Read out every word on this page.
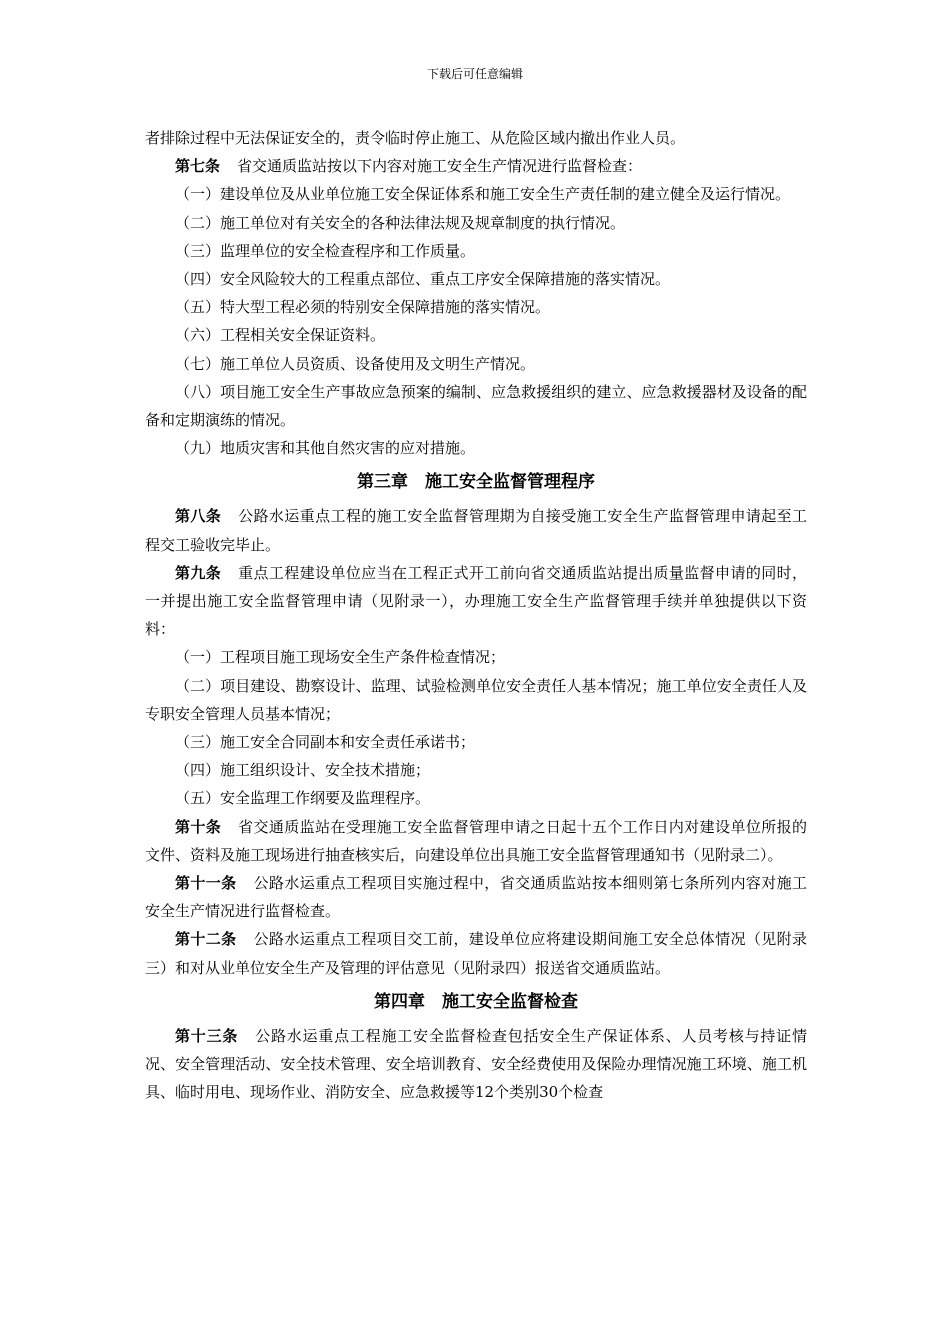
下载后可任意编辑

者排除过程中无法保证安全的，责令临时停止施工、从危险区域内撤出作业人员。

第七条 省交通质监站按以下内容对施工安全生产情况进行监督检查：

（一）建设单位及从业单位施工安全保证体系和施工安全生产责任制的建立健全及运行情况。

（二）施工单位对有关安全的各种法律法规及规章制度的执行情况。

（三）监理单位的安全检查程序和工作质量。

（四）安全风险较大的工程重点部位、重点工序安全保障措施的落实情况。

（五）特大型工程必须的特别安全保障措施的落实情况。

（六）工程相关安全保证资料。

（七）施工单位人员资质、设备使用及文明生产情况。

（八）项目施工安全生产事故应急预案的编制、应急救援组织的建立、应急救援器材及设备的配备和定期演练的情况。

（九）地质灾害和其他自然灾害的应对措施。

第三章　施工安全监督管理程序

第八条 公路水运重点工程的施工安全监督管理期为自接受施工安全生产监督管理申请起至工程交工验收完毕止。

第九条 重点工程建设单位应当在工程正式开工前向省交通质监站提出质量监督申请的同时，一并提出施工安全监督管理申请（见附录一），办理施工安全生产监督管理手续并单独提供以下资料：

（一）工程项目施工现场安全生产条件检查情况；

（二）项目建设、勘察设计、监理、试验检测单位安全责任人基本情况；施工单位安全责任人及专职安全管理人员基本情况；

（三）施工安全合同副本和安全责任承诺书；

（四）施工组织设计、安全技术措施；

（五）安全监理工作纲要及监理程序。

第十条 省交通质监站在受理施工安全监督管理申请之日起十五个工作日内对建设单位所报的文件、资料及施工现场进行抽查核实后，向建设单位出具施工安全监督管理通知书（见附录二）。

第十一条 公路水运重点工程项目实施过程中，省交通质监站按本细则第七条所列内容对施工安全生产情况进行监督检查。

第十二条 公路水运重点工程项目交工前，建设单位应将建设期间施工安全总体情况（见附录三）和对从业单位安全生产及管理的评估意见（见附录四）报送省交通质监站。

第四章　施工安全监督检查

第十三条 公路水运重点工程施工安全监督检查包括安全生产保证体系、人员考核与持证情况、安全管理活动、安全技术管理、安全培训教育、安全经费使用及保险办理情况施工环境、施工机具、临时用电、现场作业、消防安全、应急救援等12个类别30个检查
